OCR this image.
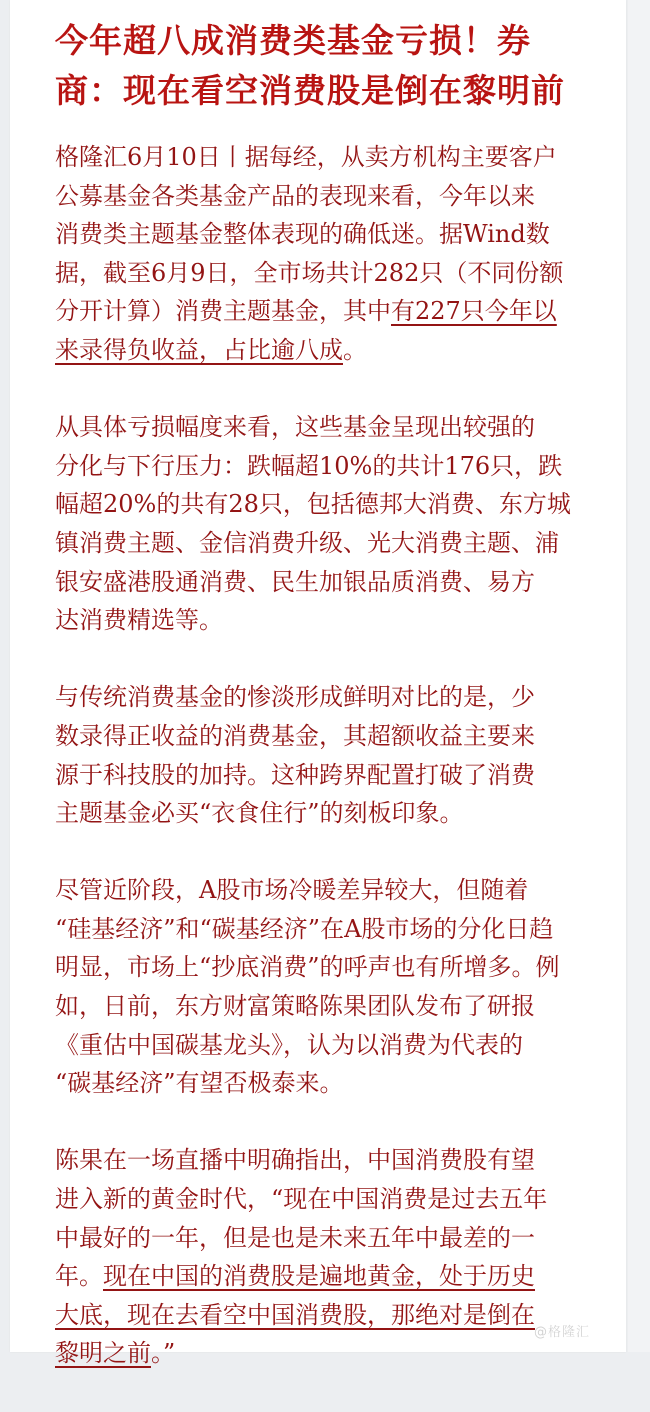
今年超八成消费类基金亏损！券
商：现在看空消费股是倒在黎明前

格隆汇6月10日丨据每经，从卖方机构主要客户
公募基金各类基金产品的表现来看，今年以来
消费类主题基金整体表现的确低迷。据Wind数
据，截至6月9日，全市场共计282只（不同份额
分开计算）消费主题基金，其中有227只今年以
来录得负收益，占比逾八成。

从具体亏损幅度来看，这些基金呈现出较强的
分化与下行压力：跌幅超10%的共计176只，跌
幅超20%的共有28只，包括德邦大消费、东方城
镇消费主题、金信消费升级、光大消费主题、浦
银安盛港股通消费、民生加银品质消费、易方
达消费精选等。

与传统消费基金的惨淡形成鲜明对比的是，少
数录得正收益的消费基金，其超额收益主要来
源于科技股的加持。这种跨界配置打破了消费
主题基金必买“衣食住行”的刻板印象。

尽管近阶段，A股市场冷暖差异较大，但随着
“硅基经济”和“碳基经济”在A股市场的分化日趋
明显，市场上“抄底消费”的呼声也有所增多。例
如，日前，东方财富策略陈果团队发布了研报
《重估中国碳基龙头》，认为以消费为代表的
“碳基经济”有望否极泰来。

陈果在一场直播中明确指出，中国消费股有望
进入新的黄金时代，“现在中国消费是过去五年
中最好的一年，但是也是未来五年中最差的一
年。现在中国的消费股是遍地黄金，处于历史
大底，现在去看空中国消费股，那绝对是倒在
黎明之前。”

@格隆汇
